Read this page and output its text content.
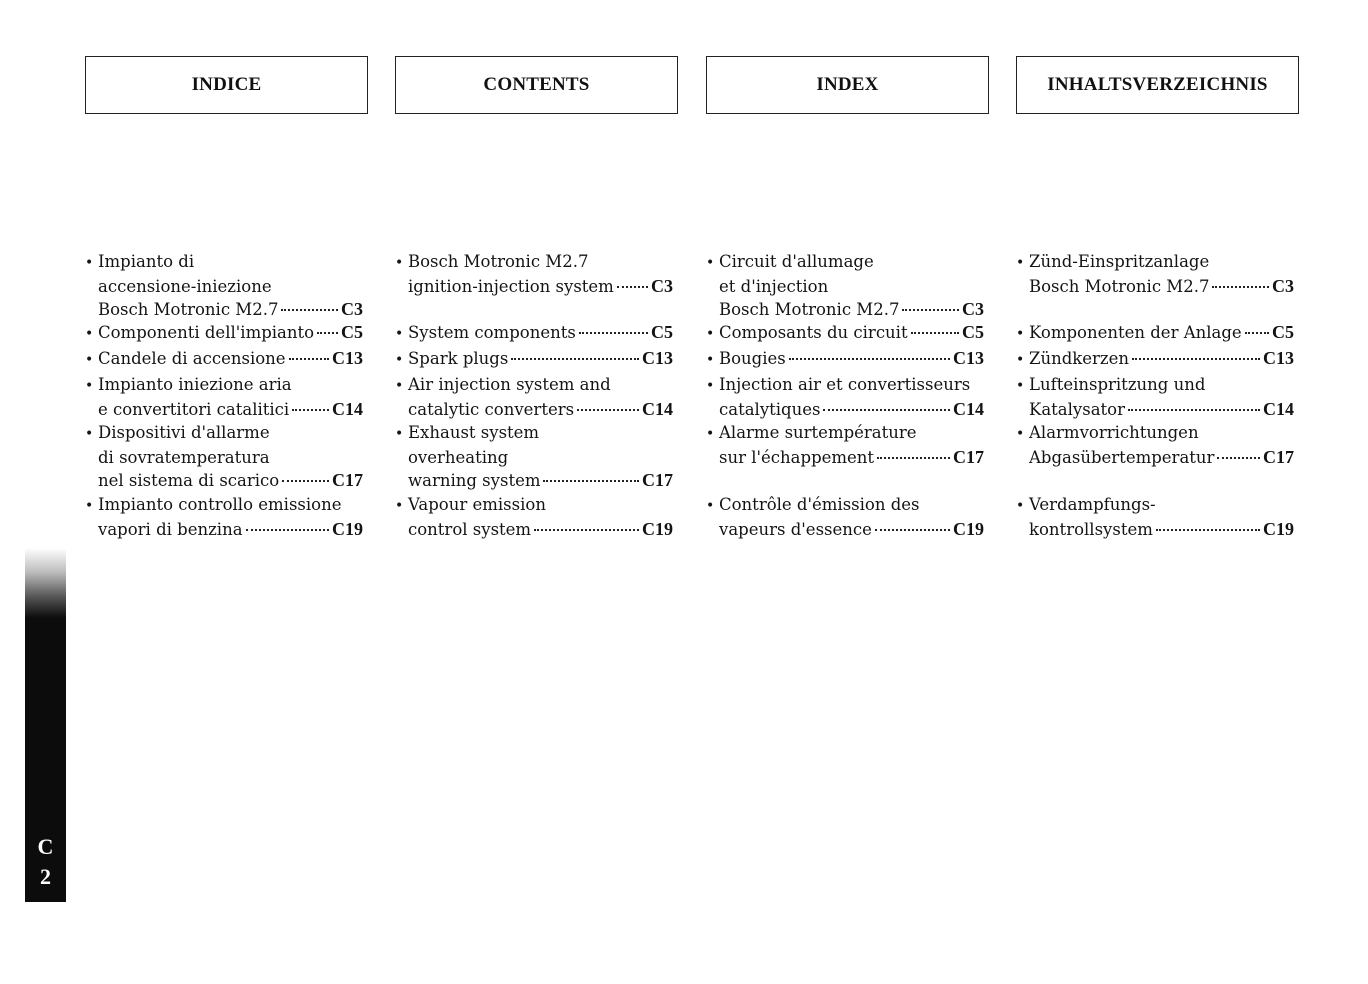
INDICE
• Impianto di
accensione-iniezione
Bosch Motronic M2.7	C3
• Componenti dell'impianto C5
• Candele di accensione	C13
• Impianto iniezione aria
e convertitori catalitici C14
• Dispositivi d'allarme
di sovratemperatura
nel sistema di scarico	C17
• Impianto controllo emissione
vapori di benzina	C19
CONTENTS
• Bosch Motronic M2.7
ignition-injection system C3
• System components	C5
• Spark plugs	C13
• Air injection system and
catalytic converters	C14
• Exhaust system
overheating
warning system	C17
• Vapour emission
control system	C19
INDEX
• Circuit d'allumage
et d'injection
Bosch Motronic M2.7	C3
• Composants du circuit	C5
• Bougies	C13
• Injection air et convertisseurs
catalytiques	C14
• Alarme surtempérature
sur l'échappement	C17
• Contrôle d'émission des
vapeurs d'essence	C19
INHALTSVERZEICHNIS
• Zünd-Einspritzanlage
Bosch Motronic M2.7	C3
• Komponenten der Anlage C5
• Zündkerzen	C13
• Lufteinspritzung und
Katalysator	C14
• Alarmvorrichtungen
Abgasübertemperatur	C17
• Verdampfungs-
kontrollsystem	C19
C
2
